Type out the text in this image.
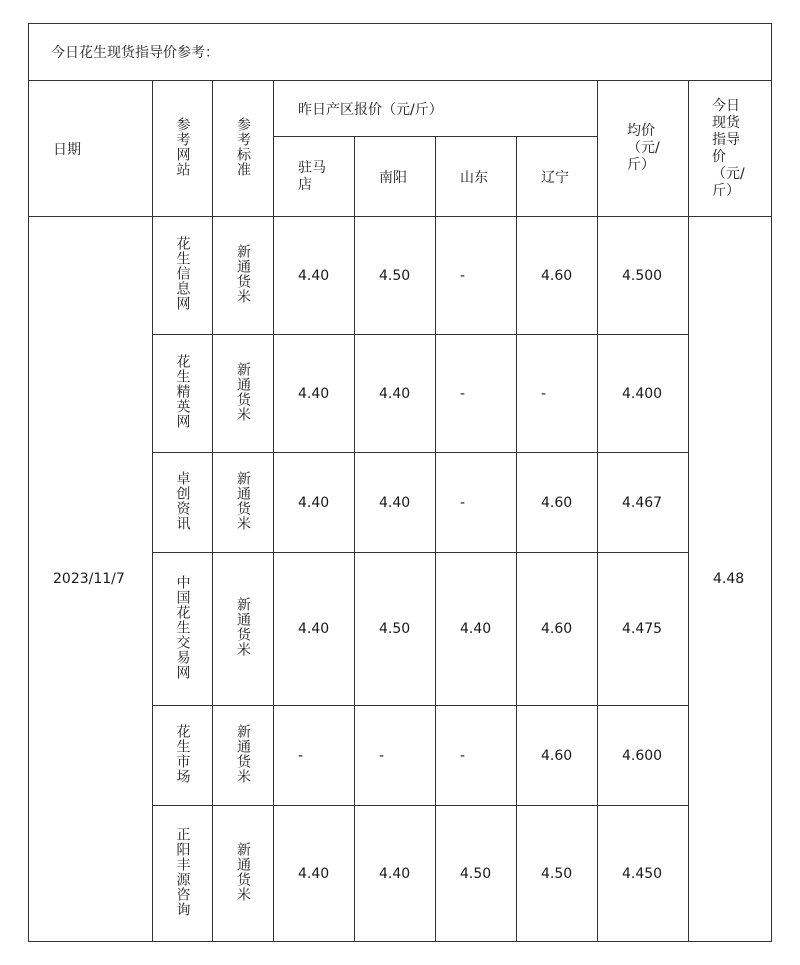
今日花生现货指导价参考：								
日期	参考网站	参考标准	昨日产区报价（元/斤）				均价（元/斤）	今日现货指导价（元/斤）
			驻马店	南阳	山东	辽宁		
2023/11/7	花生信息网	新通货米	4.40	4.50	-	4.60	4.500	4.48
	花生精英网	新通货米	4.40	4.40	-	-	4.400	
	卓创资讯	新通货米	4.40	4.40	-	4.60	4.467	
	中国花生交易网	新通货米	4.40	4.50	4.40	4.60	4.475	
	花生市场	新通货米	-	-	-	4.60	4.600	
	正阳丰源咨询	新通货米	4.40	4.40	4.50	4.50	4.450	
